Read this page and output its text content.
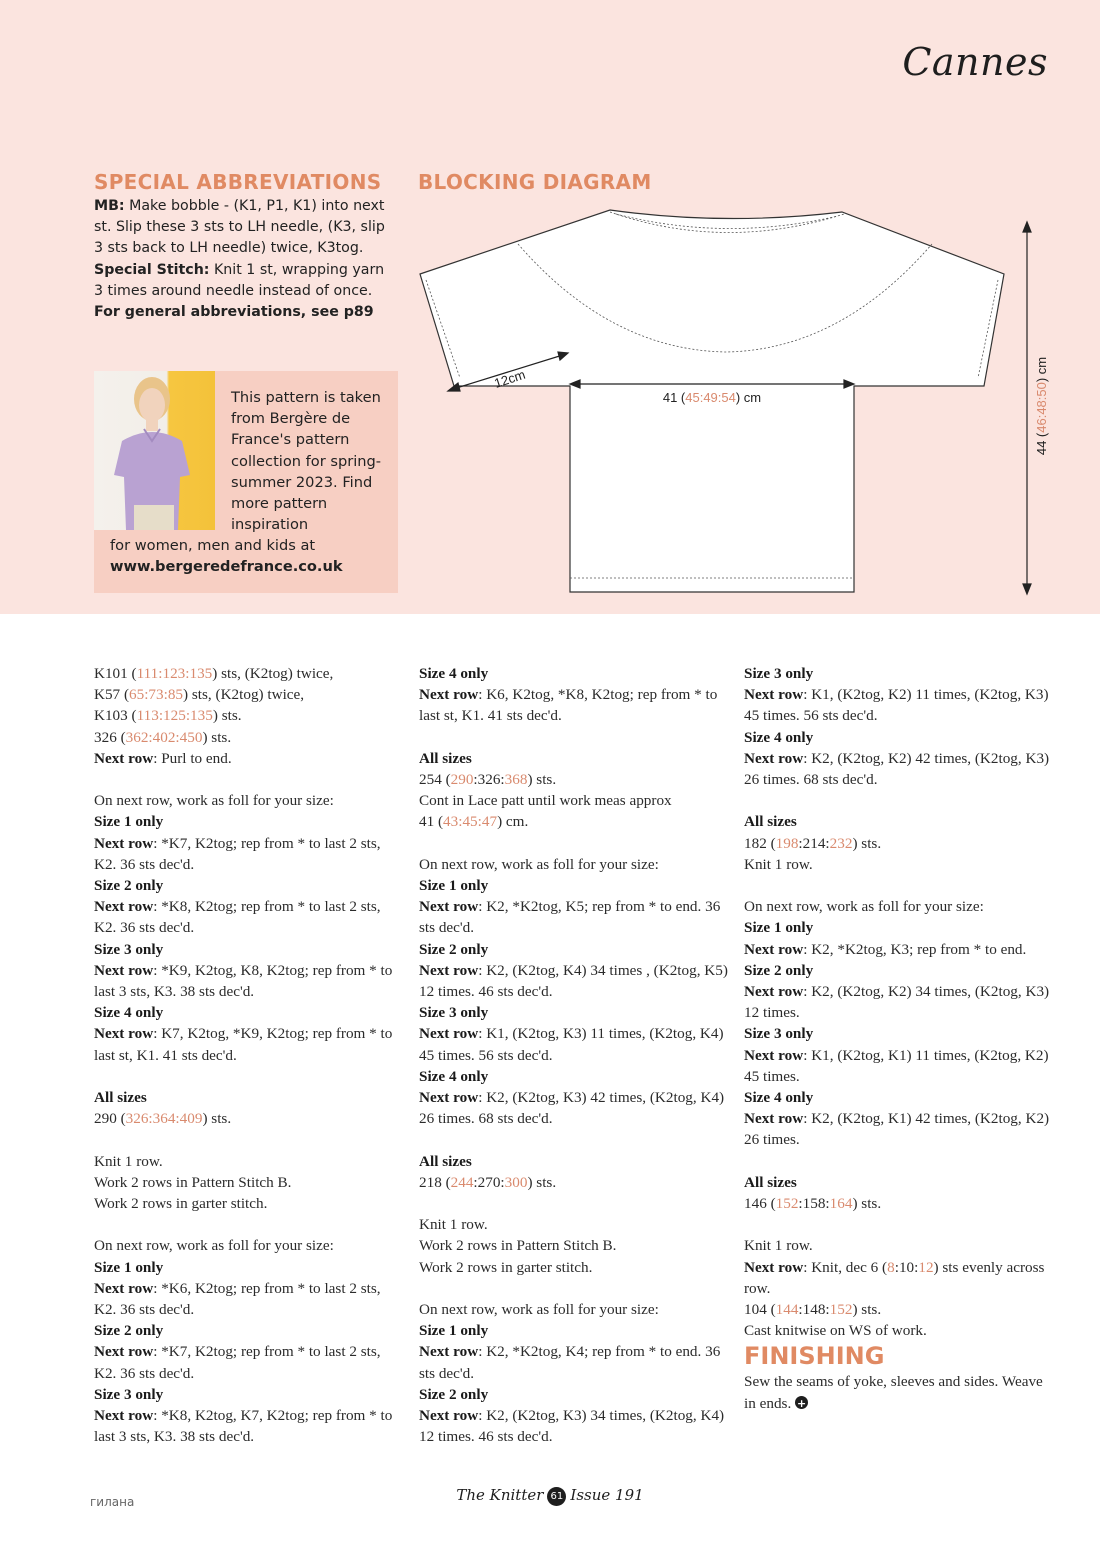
Cannes
SPECIAL ABBREVIATIONS

MB: Make bobble - (K1, P1, K1) into next st. Slip these 3 sts to LH needle, (K3, slip 3 sts back to LH needle) twice, K3tog.

Special Stitch: Knit 1 st, wrapping yarn 3 times around needle instead of once.

For general abbreviations, see p89

This pattern is taken from Bergère de France's pattern collection for spring-summer 2023. Find more pattern inspiration
for women, men and kids at
www.bergeredefrance.co.uk
BLOCKING DIAGRAM
12cm
41 (45:49:54) cm
44 (46:48:50) cm

K101 (111:123:135) sts, (K2tog) twice,

K57 (65:73:85) sts, (K2tog) twice,

K103 (113:125:135) sts.

326 (362:402:450) sts.

Next row: Purl to end.

On next row, work as foll for your size:

Size 1 only

Next row: *K7, K2tog; rep from * to last 2 sts, K2. 36 sts dec'd.

Size 2 only

Next row: *K8, K2tog; rep from * to last 2 sts, K2. 36 sts dec'd.

Size 3 only

Next row: *K9, K2tog, K8, K2tog; rep from * to last 3 sts, K3. 38 sts dec'd.

Size 4 only

Next row: K7, K2tog, *K9, K2tog; rep from * to last st, K1. 41 sts dec'd.

All sizes

290 (326:364:409) sts.

Knit 1 row.

Work 2 rows in Pattern Stitch B.

Work 2 rows in garter stitch.

On next row, work as foll for your size:

Size 1 only

Next row: *K6, K2tog; rep from * to last 2 sts, K2. 36 sts dec'd.

Size 2 only

Next row: *K7, K2tog; rep from * to last 2 sts, K2. 36 sts dec'd.

Size 3 only

Next row: *K8, K2tog, K7, K2tog; rep from * to last 3 sts, K3. 38 sts dec'd.

Size 4 only

Next row: K6, K2tog, *K8, K2tog; rep from * to last st, K1. 41 sts dec'd.

All sizes

254 (290:326:368) sts.

Cont in Lace patt until work meas approx

41 (43:45:47) cm.

On next row, work as foll for your size:

Size 1 only

Next row: K2, *K2tog, K5; rep from * to end. 36 sts dec'd.

Size 2 only

Next row: K2, (K2tog, K4) 34 times , (K2tog, K5) 12 times. 46 sts dec'd.

Size 3 only

Next row: K1, (K2tog, K3) 11 times, (K2tog, K4) 45 times. 56 sts dec'd.

Size 4 only

Next row: K2, (K2tog, K3) 42 times, (K2tog, K4) 26 times. 68 sts dec'd.

All sizes

218 (244:270:300) sts.

Knit 1 row.

Work 2 rows in Pattern Stitch B.

Work 2 rows in garter stitch.

On next row, work as foll for your size:

Size 1 only

Next row: K2, *K2tog, K4; rep from * to end. 36 sts dec'd.

Size 2 only

Next row: K2, (K2tog, K3) 34 times, (K2tog, K4) 12 times. 46 sts dec'd.

Size 3 only

Next row: K1, (K2tog, K2) 11 times, (K2tog, K3) 45 times. 56 sts dec'd.

Size 4 only

Next row: K2, (K2tog, K2) 42 times, (K2tog, K3) 26 times. 68 sts dec'd.

All sizes

182 (198:214:232) sts.

Knit 1 row.

On next row, work as foll for your size:

Size 1 only

Next row: K2, *K2tog, K3; rep from * to end.

Size 2 only

Next row: K2, (K2tog, K2) 34 times, (K2tog, K3) 12 times.

Size 3 only

Next row: K1, (K2tog, K1) 11 times, (K2tog, K2) 45 times.

Size 4 only

Next row: K2, (K2tog, K1) 42 times, (K2tog, K2) 26 times.

All sizes

146 (152:158:164) sts.

Knit 1 row.

Next row: Knit, dec 6 (8:10:12) sts evenly across row.

104 (144:148:152) sts.

Cast knitwise on WS of work.

FINISHING

Sew the seams of yoke, sleeves and sides. Weave in ends. +

гилана	The Knitter 61 Issue 191
